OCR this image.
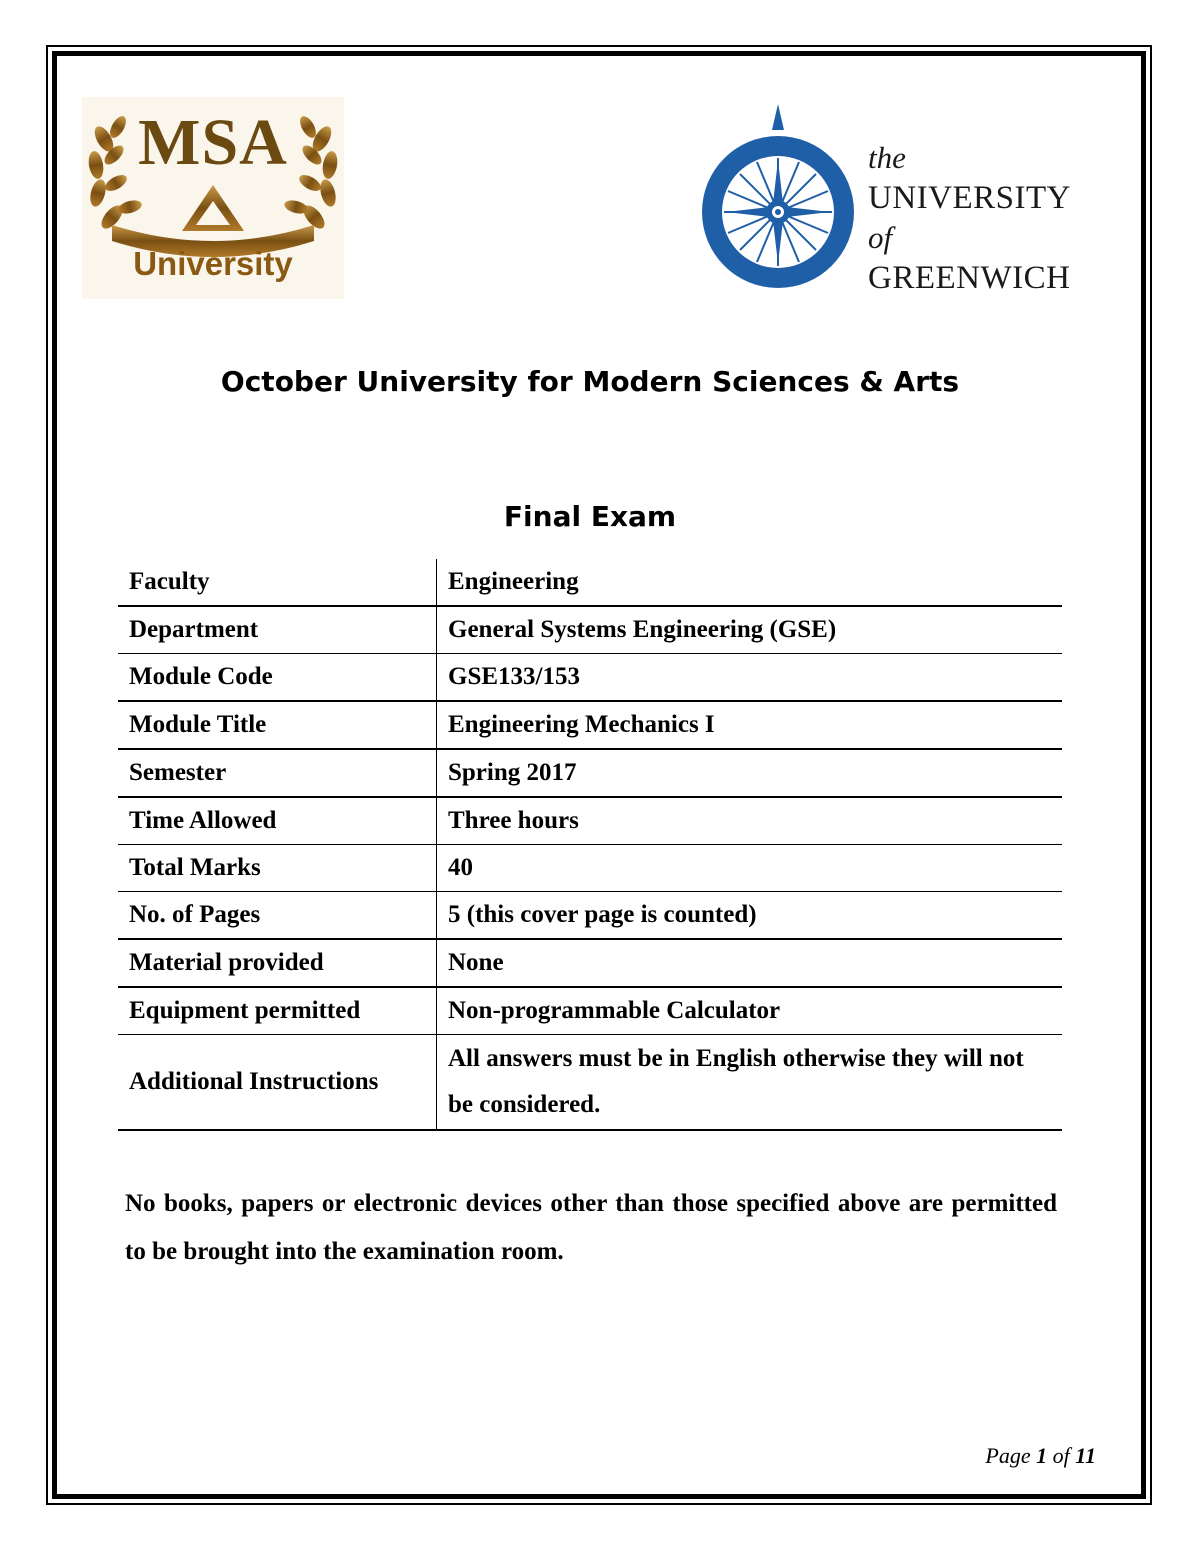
MSA
University
the
UNIVERSITY
of
GREENWICH
October University for Modern Sciences & Arts
Final Exam
Faculty	Engineering
Department	General Systems Engineering (GSE)
Module Code	GSE133/153
Module Title	Engineering Mechanics I
Semester	Spring 2017
Time Allowed	Three hours
Total Marks	40
No. of Pages	5 (this cover page is counted)
Material provided	None
Equipment permitted	Non-programmable Calculator
Additional Instructions	All answers must be in English otherwise they will not be considered.
No books, papers or electronic devices other than those specified above are permitted to be brought into the examination room.
Page 1 of 11
